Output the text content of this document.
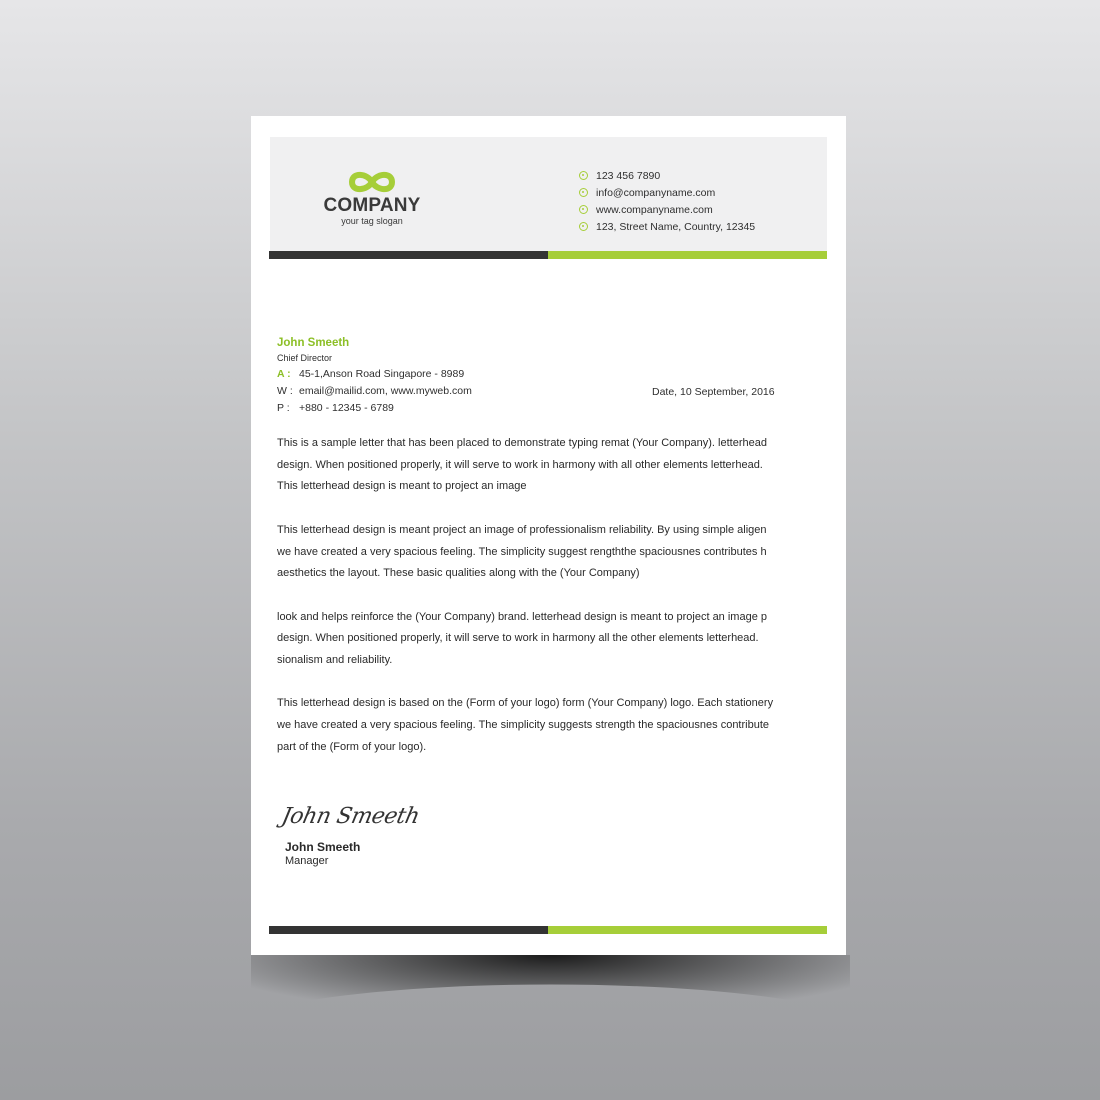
COMPANY
your tag slogan
123 456 7890
info@companyname.com
www.companyname.com
123, Street Name, Country, 12345
John Smeeth
Chief Director
A : 45-1,Anson Road Singapore - 8989
W : email@mailid.com, www.myweb.com
P : +880 - 12345 - 6789
Date, 10 September, 2016
This is a sample letter that has been placed to demonstrate typing remat (Your Company). letterhead
design. When positioned properly, it will serve to work in harmony with all other elements letterhead.
This letterhead design is meant to project an image
This letterhead design is meant project an image of professionalism reliability. By using simple aligen
we have created a very spacious feeling. The simplicity suggest rengththe spaciousnes contributes h
aesthetics the layout. These basic qualities along with the (Your Company)
look and helps reinforce the (Your Company) brand. letterhead design is meant to project an image p
design. When positioned properly, it will serve to work in harmony all the other elements letterhead.
sionalism and reliability.
This letterhead design is based on the (Form of your logo) form (Your Company) logo. Each stationery
we have created a very spacious feeling. The simplicity suggests strength the spaciousnes contribute
part of the (Form of your logo).
John Smeeth
John Smeeth
Manager
